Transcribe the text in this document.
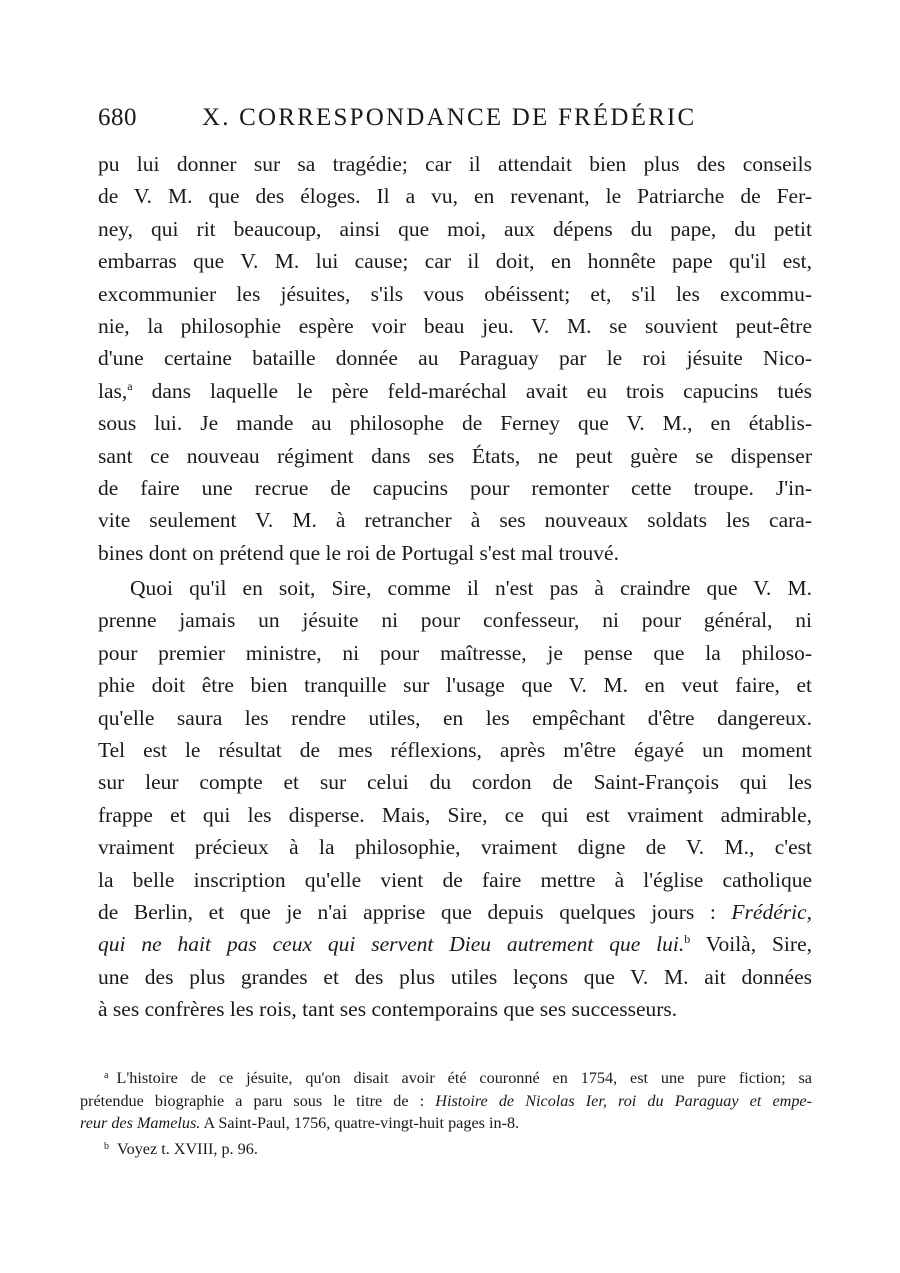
680	X. CORRESPONDANCE DE FRÉDÉRIC
pu lui donner sur sa tragédie; car il attendait bien plus des conseils
de V. M. que des éloges. Il a vu, en revenant, le Patriarche de Fer-
ney, qui rit beaucoup, ainsi que moi, aux dépens du pape, du petit
embarras que V. M. lui cause; car il doit, en honnête pape qu'il est,
excommunier les jésuites, s'ils vous obéissent; et, s'il les excommu-
nie, la philosophie espère voir beau jeu. V. M. se souvient peut-être
d'une certaine bataille donnée au Paraguay par le roi jésuite Nico-
las,$^a$ dans laquelle le père feld-maréchal avait eu trois capucins tués
sous lui. Je mande au philosophe de Ferney que V. M., en établis-
sant ce nouveau régiment dans ses États, ne peut guère se dispenser
de faire une recrue de capucins pour remonter cette troupe. J'in-
vite seulement V. M. à retrancher à ses nouveaux soldats les cara-
bines dont on prétend que le roi de Portugal s'est mal trouvé.
Quoi qu'il en soit, Sire, comme il n'est pas à craindre que V. M.
prenne jamais un jésuite ni pour confesseur, ni pour général, ni
pour premier ministre, ni pour maîtresse, je pense que la philoso-
phie doit être bien tranquille sur l'usage que V. M. en veut faire, et
qu'elle saura les rendre utiles, en les empêchant d'être dangereux.
Tel est le résultat de mes réflexions, après m'être égayé un moment
sur leur compte et sur celui du cordon de Saint-François qui les
frappe et qui les disperse. Mais, Sire, ce qui est vraiment admirable,
vraiment précieux à la philosophie, vraiment digne de V. M., c'est
la belle inscription qu'elle vient de faire mettre à l'église catholique
de Berlin, et que je n'ai apprise que depuis quelques jours : Frédéric,
qui ne hait pas ceux qui servent Dieu autrement que lui.$^b$ Voilà, Sire,
une des plus grandes et des plus utiles leçons que V. M. ait données
à ses confrères les rois, tant ses contemporains que ses successeurs.
$^a$ L'histoire de ce jésuite, qu'on disait avoir été couronné en 1754, est une pure fiction; sa
prétendue biographie a paru sous le titre de : Histoire de Nicolas Ier, roi du Paraguay et empe-
reur des Mamelus. A Saint-Paul, 1756, quatre-vingt-huit pages in-8.
$^b$ Voyez t. XVIII, p. 96.
